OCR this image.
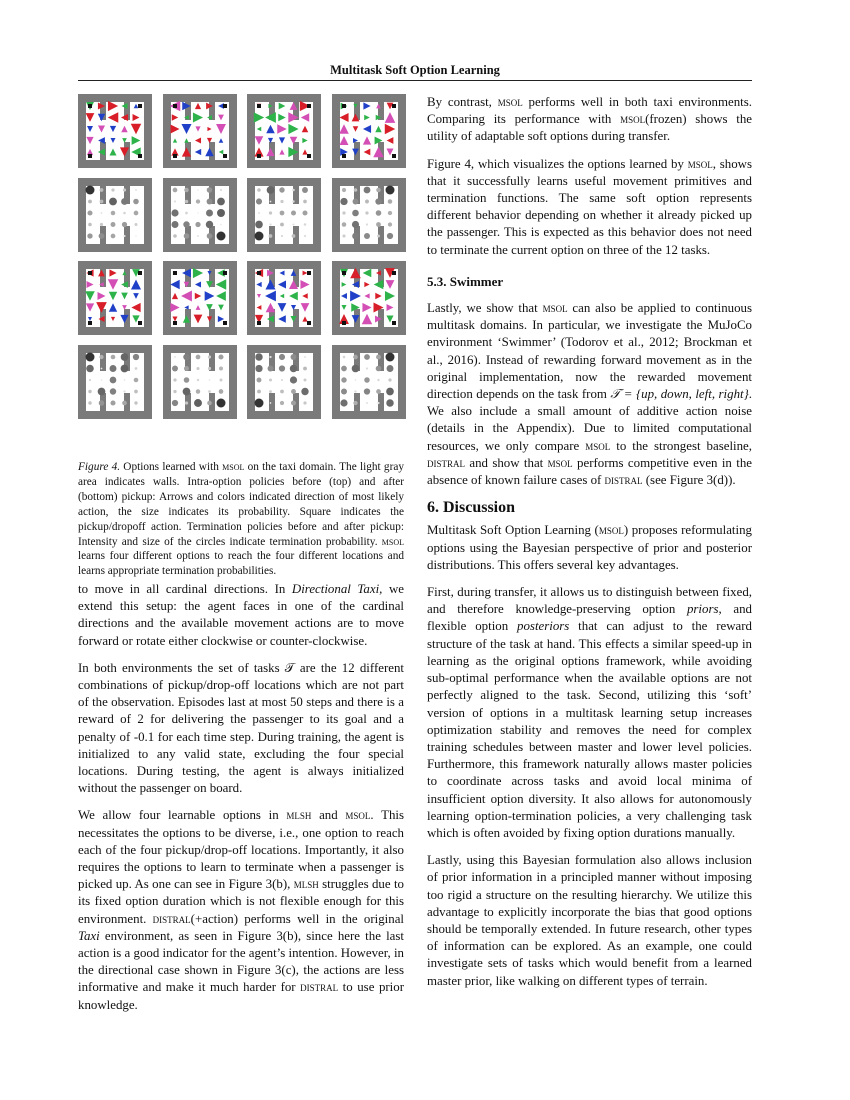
Multitask Soft Option Learning
Figure 4. Options learned with msol on the taxi domain. The light gray area indicates walls. Intra-option policies before (top) and after (bottom) pickup: Arrows and colors indicated direction of most likely action, the size indicates its probability. Square indicates the pickup/dropoff action. Termination policies before and after pickup: Intensity and size of the circles indicate termination probability. msol learns four different options to reach the four different locations and learns appropriate termination probabilities.

to move in all cardinal directions. In Directional Taxi, we extend this setup: the agent faces in one of the cardinal directions and the available movement actions are to move forward or rotate either clockwise or counter-clockwise.

In both environments the set of tasks 𝒯 are the 12 different combinations of pickup/drop-off locations which are not part of the observation. Episodes last at most 50 steps and there is a reward of 2 for delivering the passenger to its goal and a penalty of -0.1 for each time step. During training, the agent is initialized to any valid state, excluding the four special locations. During testing, the agent is always initialized without the passenger on board.

We allow four learnable options in mlsh and msol. This necessitates the options to be diverse, i.e., one option to reach each of the four pickup/drop-off locations. Importantly, it also requires the options to learn to terminate when a passenger is picked up. As one can see in Figure 3(b), mlsh struggles due to its fixed option duration which is not flexible enough for this environment. distral(+action) performs well in the original Taxi environment, as seen in Figure 3(b), since here the last action is a good indicator for the agent’s intention. However, in the directional case shown in Figure 3(c), the actions are less informative and make it much harder for distral to use prior knowledge.

By contrast, msol performs well in both taxi environments. Comparing its performance with msol(frozen) shows the utility of adaptable soft options during transfer.

Figure 4, which visualizes the options learned by msol, shows that it successfully learns useful movement primitives and termination functions. The same soft option represents different behavior depending on whether it already picked up the passenger. This is expected as this behavior does not need to terminate the current option on three of the 12 tasks.

5.3. Swimmer

Lastly, we show that msol can also be applied to continuous multitask domains. In particular, we investigate the MuJoCo environment ‘Swimmer’ (Todorov et al., 2012; Brockman et al., 2016). Instead of rewarding forward movement as in the original implementation, now the rewarded movement direction depends on the task from 𝒯 = {up, down, left, right}. We also include a small amount of additive action noise (details in the Appendix). Due to limited computational resources, we only compare msol to the strongest baseline, distral and show that msol performs competitive even in the absence of known failure cases of distral (see Figure 3(d)).

6. Discussion

Multitask Soft Option Learning (msol) proposes reformulating options using the Bayesian perspective of prior and posterior distributions. This offers several key advantages.

First, during transfer, it allows us to distinguish between fixed, and therefore knowledge-preserving option priors, and flexible option posteriors that can adjust to the reward structure of the task at hand. This effects a similar speed-up in learning as the original options framework, while avoiding sub-optimal performance when the available options are not perfectly aligned to the task. Second, utilizing this ‘soft’ version of options in a multitask learning setup increases optimization stability and removes the need for complex training schedules between master and lower level policies. Furthermore, this framework naturally allows master policies to coordinate across tasks and avoid local minima of insufficient option diversity. It also allows for autonomously learning option-termination policies, a very challenging task which is often avoided by fixing option durations manually.

Lastly, using this Bayesian formulation also allows inclusion of prior information in a principled manner without imposing too rigid a structure on the resulting hierarchy. We utilize this advantage to explicitly incorporate the bias that good options should be temporally extended. In future research, other types of information can be explored. As an example, one could investigate sets of tasks which would benefit from a learned master prior, like walking on different types of terrain.
